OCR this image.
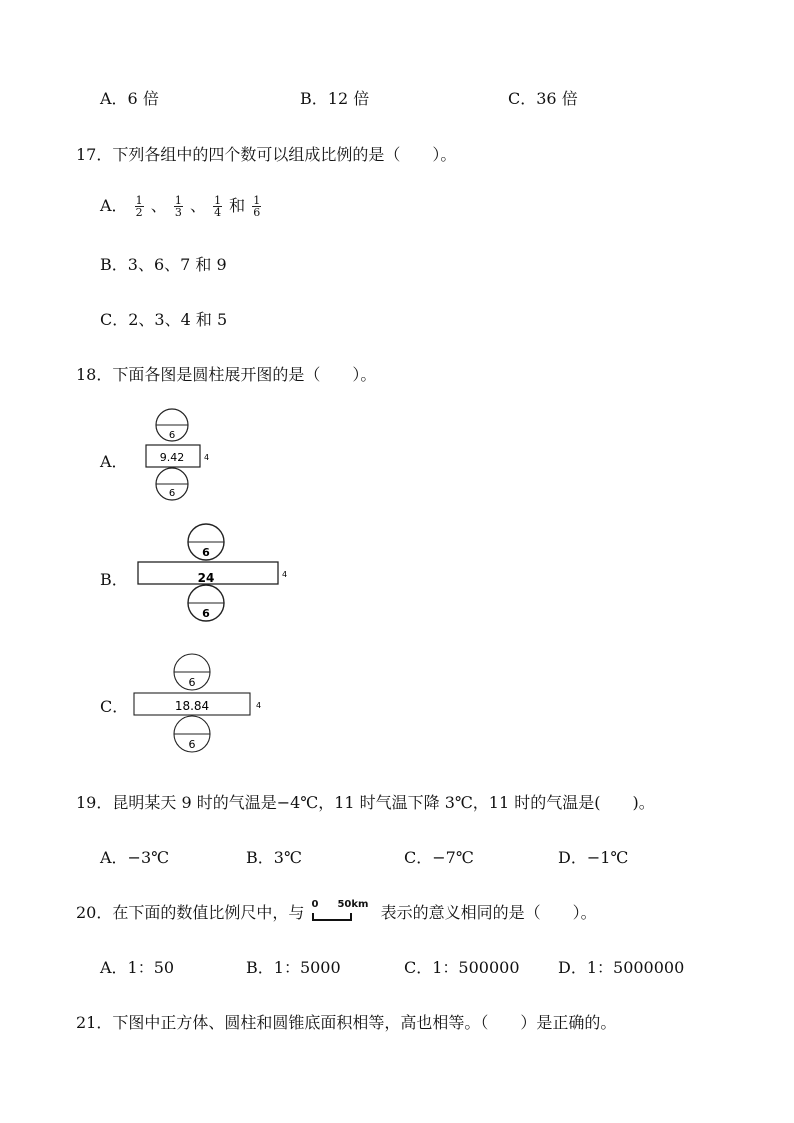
A．6 倍	B．12 倍	C．36 倍
17．下列各组中的四个数可以组成比例的是（　　）。
A． $\frac{1}{2}$ 、 $\frac{1}{3}$ 、 $\frac{1}{4}$ 和 $\frac{1}{6}$
B．3、6、7 和 9
C．2、3、4 和 5
18．下面各图是圆柱展开图的是（　　）。
A．
6
9.42 4
6
B．
6
24	4
6
C．
6
18.84	4
6
19．昆明某天 9 时的气温是−4℃，11 时气温下降 3℃，11 时的气温是(　　)。
A．−3℃	B．3℃	C．−7℃	D．−1℃
20．在下面的数值比例尺中，与 0 50km 表示的意义相同的是（　　）。
A．1：50	B．1：5000	C．1：500000 D．1：5000000
21．下图中正方体、圆柱和圆锥底面积相等，高也相等。（　　）是正确的。
